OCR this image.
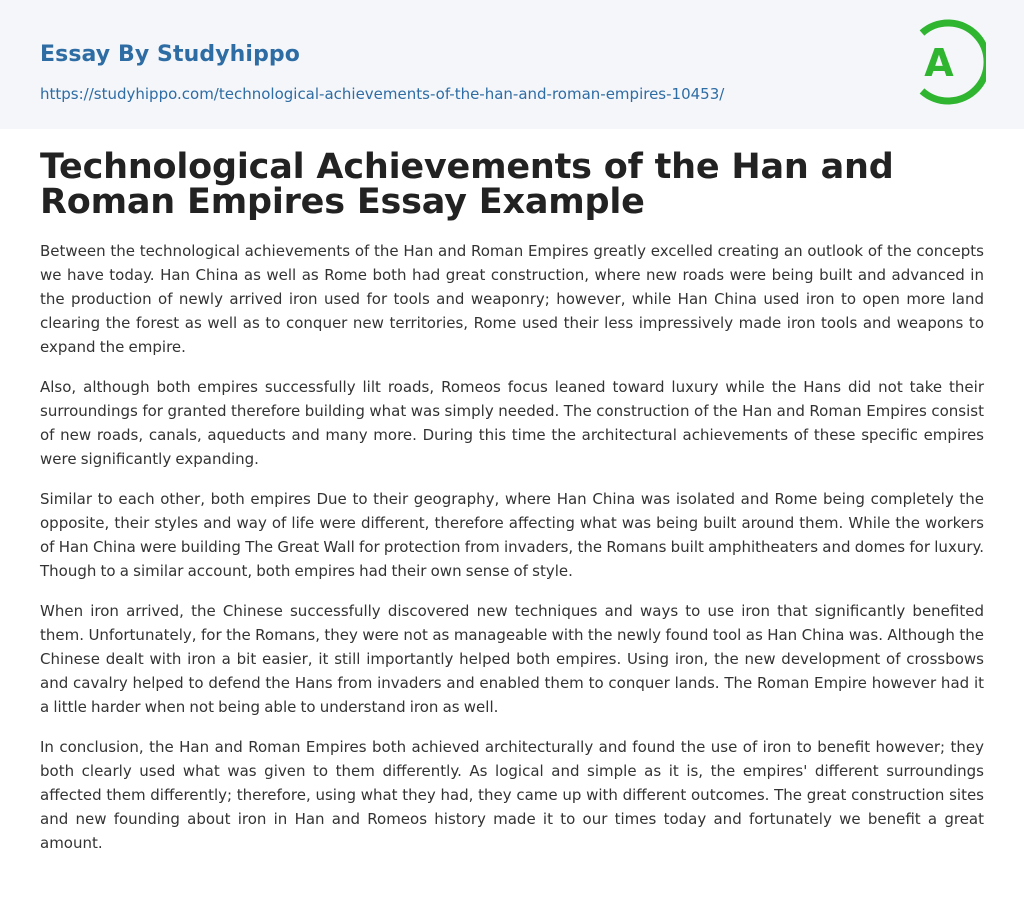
Essay By Studyhippo
https://studyhippo.com/technological-achievements-of-the-han-and-roman-empires-10453/
A
Technological Achievements of the Han and Roman Empires Essay Example

Between the technological achievements of the Han and Roman Empires greatly excelled creating an outlook of the concepts we have today. Han China as well as Rome both had great construction, where new roads were being built and advanced in the production of newly arrived iron used for tools and weaponry; however, while Han China used iron to open more land clearing the forest as well as to conquer new territories, Rome used their less impressively made iron tools and weapons to expand the empire.

Also, although both empires successfully lilt roads, Romeos focus leaned toward luxury while the Hans did not take their surroundings for granted therefore building what was simply needed. The construction of the Han and Roman Empires consist of new roads, canals, aqueducts and many more. During this time the architectural achievements of these specific empires were significantly expanding.

Similar to each other, both empires Due to their geography, where Han China was isolated and Rome being completely the opposite, their styles and way of life were different, therefore affecting what was being built around them. While the workers of Han China were building The Great Wall for protection from invaders, the Romans built amphitheaters and domes for luxury. Though to a similar account, both empires had their own sense of style.

When iron arrived, the Chinese successfully discovered new techniques and ways to use iron that significantly benefited them. Unfortunately, for the Romans, they were not as manageable with the newly found tool as Han China was. Although the Chinese dealt with iron a bit easier, it still importantly helped both empires. Using iron, the new development of crossbows and cavalry helped to defend the Hans from invaders and enabled them to conquer lands. The Roman Empire however had it a little harder when not being able to understand iron as well.

In conclusion, the Han and Roman Empires both achieved architecturally and found the use of iron to benefit however; they both clearly used what was given to them differently. As logical and simple as it is, the empires' different surroundings affected them differently; therefore, using what they had, they came up with different outcomes. The great construction sites and new founding about iron in Han and Romeos history made it to our times today and fortunately we benefit a great amount.
